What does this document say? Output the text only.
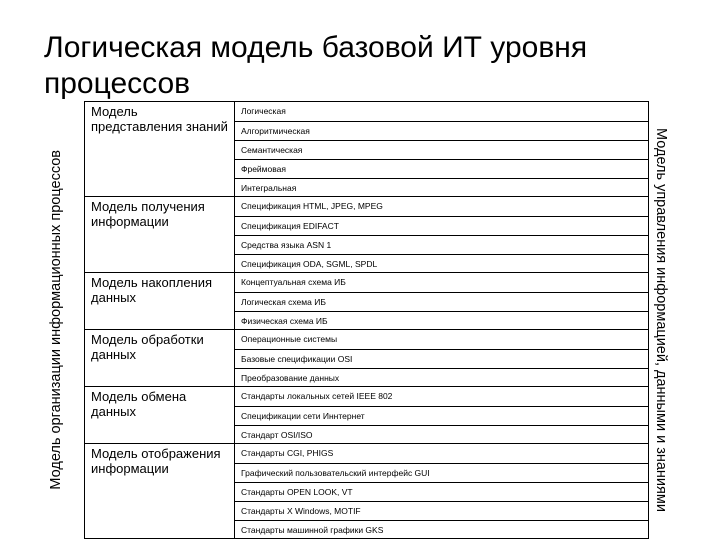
Логическая модель базовой ИТ уровня процессов
Модель организации информационных процессов	Модель управления информацией, данными и знаниями
Модель представления знаний
Логическая
Алгоритмическая
Семантическая
Фреймовая
Интегральная
Модель получения информации
Спецификация HTML, JPEG, MPEG
Спецификация EDIFACT
Средства языка ASN 1
Спецификация ODA, SGML, SPDL
Модель накопления данных
Концептуальная схема ИБ
Логическая схема ИБ
Физическая схема ИБ
Модель обработки данных
Операционные системы
Базовые спецификации OSI
Преобразование данных
Модель обмена данных
Стандарты локальных сетей IEEE 802
Спецификации сети Иннтернет
Стандарт OSI/ISO
Модель отображения информации
Стандарты CGI, PHIGS
Графический пользовательский интерфейс GUI
Стандарты OPEN LOOK, VT
Стандарты X Windows, MOTIF
Стандарты машинной графики GKS
